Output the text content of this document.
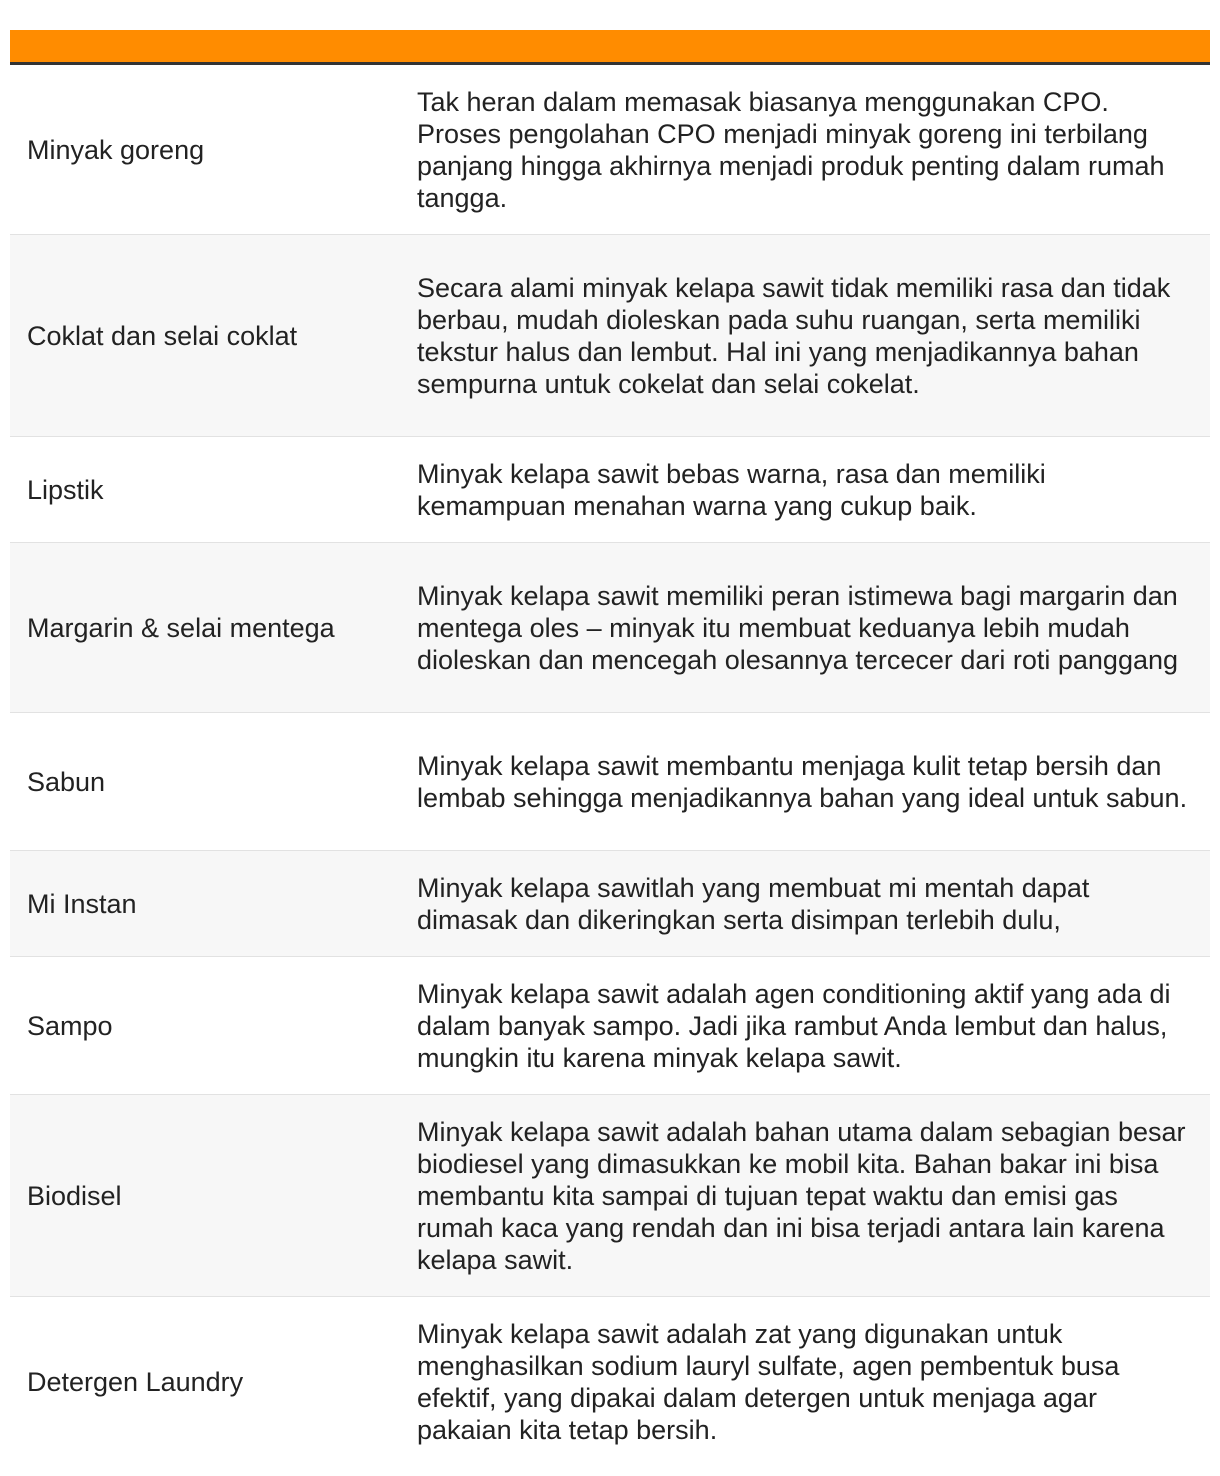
Minyak goreng
Tak heran dalam memasak biasanya menggunakan CPO. Proses pengolahan CPO menjadi minyak goreng ini terbilang panjang hingga akhirnya menjadi produk penting dalam rumah tangga.
Coklat dan selai coklat
Secara alami minyak kelapa sawit tidak memiliki rasa dan tidak berbau, mudah dioleskan pada suhu ruangan, serta memiliki tekstur halus dan lembut. Hal ini yang menjadikannya bahan sempurna untuk cokelat dan selai cokelat.
Lipstik
Minyak kelapa sawit bebas warna, rasa dan memiliki kemampuan menahan warna yang cukup baik.
Margarin & selai mentega
Minyak kelapa sawit memiliki peran istimewa bagi margarin dan mentega oles – minyak itu membuat keduanya lebih mudah dioleskan dan mencegah olesannya tercecer dari roti panggang
Sabun
Minyak kelapa sawit membantu menjaga kulit tetap bersih dan lembab sehingga menjadikannya bahan yang ideal untuk sabun.
Mi Instan
Minyak kelapa sawitlah yang membuat mi mentah dapat dimasak dan dikeringkan serta disimpan terlebih dulu,
Sampo
Minyak kelapa sawit adalah agen conditioning aktif yang ada di dalam banyak sampo. Jadi jika rambut Anda lembut dan halus, mungkin itu karena minyak kelapa sawit.
Biodisel
Minyak kelapa sawit adalah bahan utama dalam sebagian besar biodiesel yang dimasukkan ke mobil kita. Bahan bakar ini bisa membantu kita sampai di tujuan tepat waktu dan emisi gas rumah kaca yang rendah dan ini bisa terjadi antara lain karena kelapa sawit.
Detergen Laundry
Minyak kelapa sawit adalah zat yang digunakan untuk menghasilkan sodium lauryl sulfate, agen pembentuk busa efektif, yang dipakai dalam detergen untuk menjaga agar pakaian kita tetap bersih.
